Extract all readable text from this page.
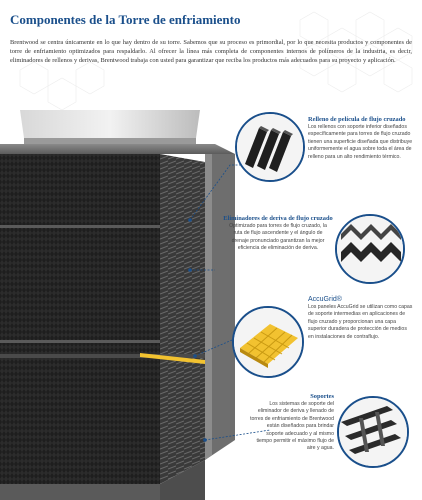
Componentes de la Torre de enfriamiento

Brentwood se centra únicamente en lo que hay dentro de su torre. Sabemos que su proceso es primordial, por lo que necesita productos y componentes de torre de enfriamiento optimizados para respaldarlo. Al ofrecer la línea más completa de componentes internos de polímeros de la industria, es decir, eliminadores de rellenos y derivas, Brentwood trabaja con usted para garantizar que reciba los productos más adecuados para su proyecto y aplicación.

Relleno de película de flujo cruzado
Los rellenos con soporte inferior diseñados específicamente para torres de flujo cruzado tienen una superficie diseñada que distribuye uniformemente el agua sobre toda el área de relleno para un alto rendimiento térmico.
Eliminadores de deriva de flujo cruzado
Optimizado para torres de flujo cruzado, la ruta de flujo ascendente y el ángulo de drenaje pronunciado garantizan la mejor eficiencia de eliminación de deriva.
AccuGrid®
Los paneles AccuGrid se utilizan como capas de soporte intermedias en aplicaciones de flujo cruzado y proporcionan una capa superior duradera de protección de medios en instalaciones de contraflujo.
Soportes
Los sistemas de soporte del eliminador de deriva y llenado de torres de enfriamiento de Brentwood están diseñados para brindar soporte adecuado y al mismo tiempo permitir el máximo flujo de aire y agua.
